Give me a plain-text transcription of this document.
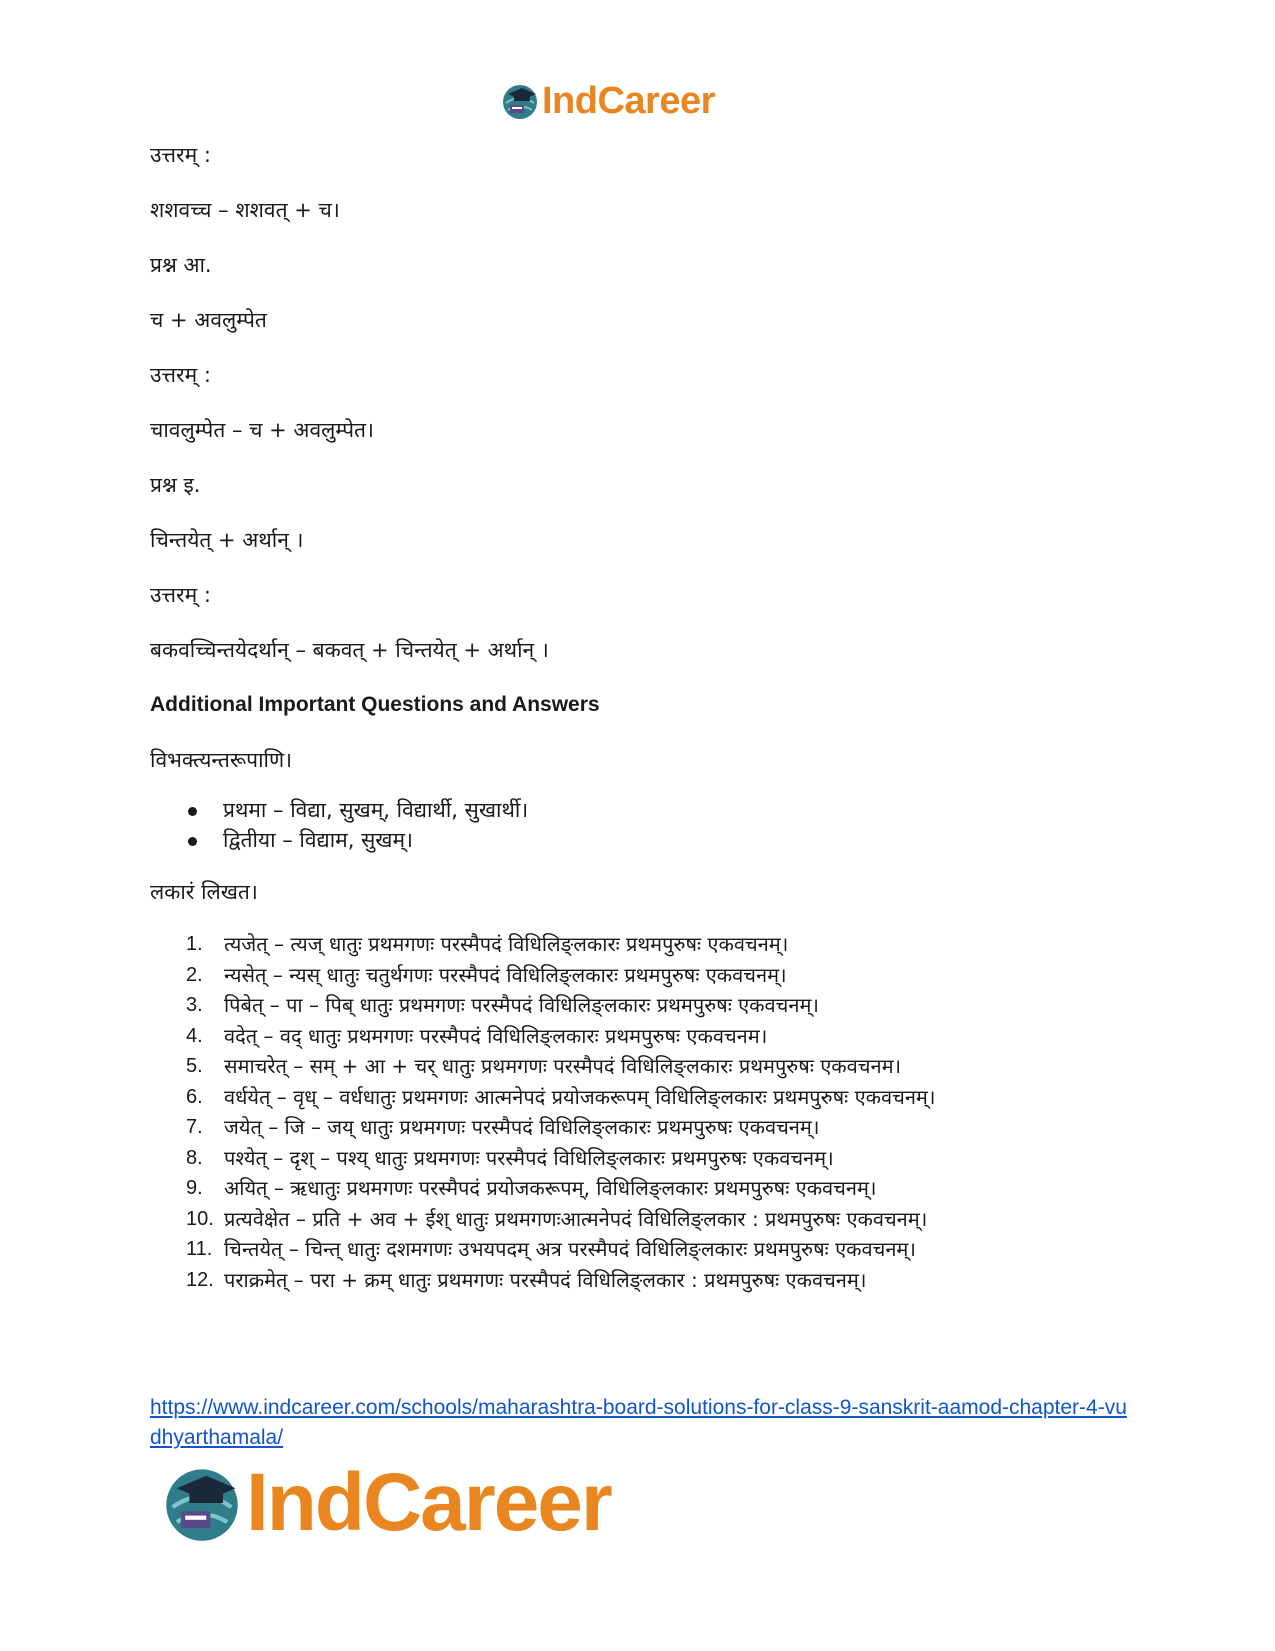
IndCareer

उत्तरम् :

शशवच्च – शशवत् + च।

प्रश्न आ.

च + अवलुम्पेत

उत्तरम् :

चावलुम्पेत – च + अवलुम्पेत।

प्रश्न इ.

चिन्तयेत् + अर्थान् ।

उत्तरम् :

बकवच्चिन्तयेदर्थान् – बकवत् + चिन्तयेत् + अर्थान् ।

Additional Important Questions and Answers

विभक्त्यन्तरूपाणि।

प्रथमा – विद्या, सुखम्, विद्यार्थी, सुखार्थी।
द्वितीया – विद्याम, सुखम्।

लकारं लिखत।

1. त्यजेत् – त्यज् धातुः प्रथमगणः परस्मैपदं विधिलिङ्लकारः प्रथमपुरुषः एकवचनम्।
2. न्यसेत् – न्यस् धातुः चतुर्थगणः परस्मैपदं विधिलिङ्लकारः प्रथमपुरुषः एकवचनम्।
3. पिबेत् – पा – पिब् धातुः प्रथमगणः परस्मैपदं विधिलिङ्लकारः प्रथमपुरुषः एकवचनम्।
4. वदेत् – वद् धातुः प्रथमगणः परस्मैपदं विधिलिङ्लकारः प्रथमपुरुषः एकवचनम।
5. समाचरेत् – सम् + आ + चर् धातुः प्रथमगणः परस्मैपदं विधिलिङ्लकारः प्रथमपुरुषः एकवचनम।
6. वर्धयेत् – वृध् – वर्धधातुः प्रथमगणः आत्मनेपदं प्रयोजकरूपम् विधिलिङ्लकारः प्रथमपुरुषः एकवचनम्।
7. जयेत् – जि – जय् धातुः प्रथमगणः परस्मैपदं विधिलिङ्लकारः प्रथमपुरुषः एकवचनम्।
8. पश्येत् – दृश् – पश्य् धातुः प्रथमगणः परस्मैपदं विधिलिङ्लकारः प्रथमपुरुषः एकवचनम्।
9. अयित् – ऋधातुः प्रथमगणः परस्मैपदं प्रयोजकरूपम्, विधिलिङ्लकारः प्रथमपुरुषः एकवचनम्।
10. प्रत्यवेक्षेत – प्रति + अव + ईश् धातुः प्रथमगणःआत्मनेपदं विधिलिङ्लकार : प्रथमपुरुषः एकवचनम्।
11. चिन्तयेत् – चिन्त् धातुः दशमगणः उभयपदम् अत्र परस्मैपदं विधिलिङ्लकारः प्रथमपुरुषः एकवचनम्।
12. पराक्रमेत् – परा + क्रम् धातुः प्रथमगणः परस्मैपदं विधिलिङ्लकार : प्रथमपुरुषः एकवचनम्।
https://www.indcareer.com/schools/maharashtra-board-solutions-for-class-9-sanskrit-aamod-chapter-4-vudhyarthamala/
IndCareer
